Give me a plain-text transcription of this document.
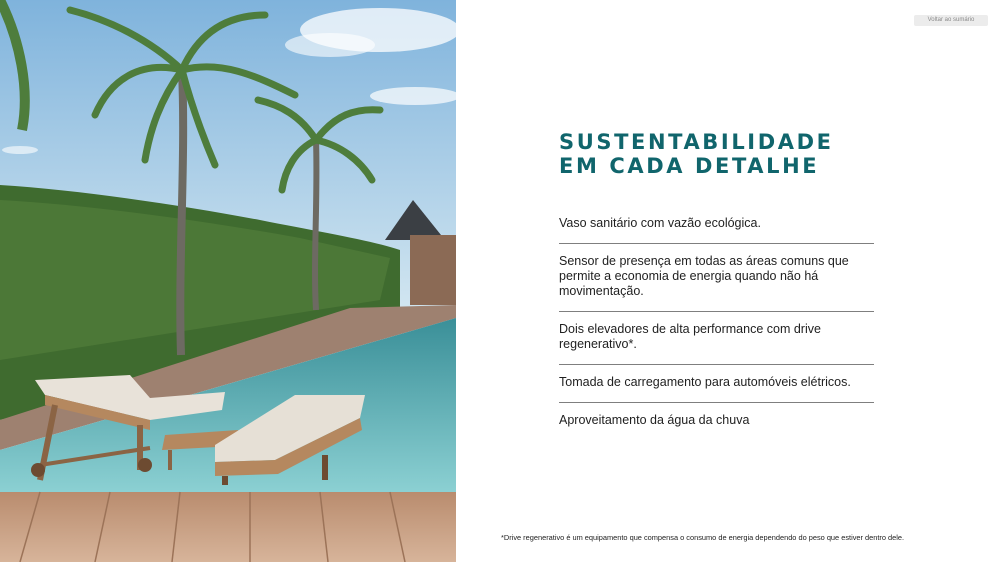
Voltar ao sumário
SUSTENTABILIDADE
EM CADA DETALHE
Vaso sanitário com vazão ecológica.
Sensor de presença em todas as áreas comuns que permite a economia de energia quando não há movimentação.
Dois elevadores de alta performance com drive regenerativo*.
Tomada de carregamento para automóveis elétricos.
Aproveitamento da água da chuva
*Drive regenerativo é um equipamento que compensa o consumo de energia dependendo do peso que estiver dentro dele.
